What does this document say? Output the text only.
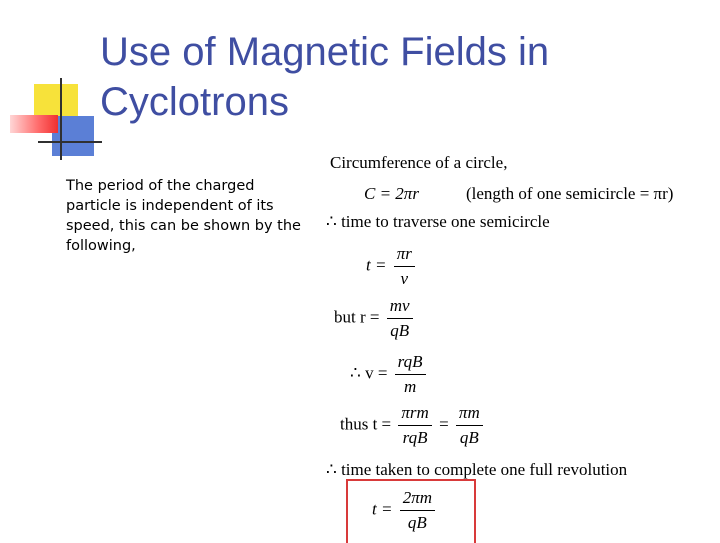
Use of Magnetic Fields in Cyclotrons
The period of the charged particle is independent of its speed, this can be shown by the following,
Circumference of a circle,
C = 2πr	(length of one semicircle = πr)
∴ time to traverse one semicircle
$t = \frac{\pi r}{v}$
but $r = \frac{mv}{qB}$
∴ $v = \frac{\text{rqB}}{m}$
thus $t = \frac{\text{πrm}}{\text{rqB}} = \frac{\pi m}{qB}$
∴ time taken to complete one full revolution
$t = \frac{2\pi m}{qB}$
